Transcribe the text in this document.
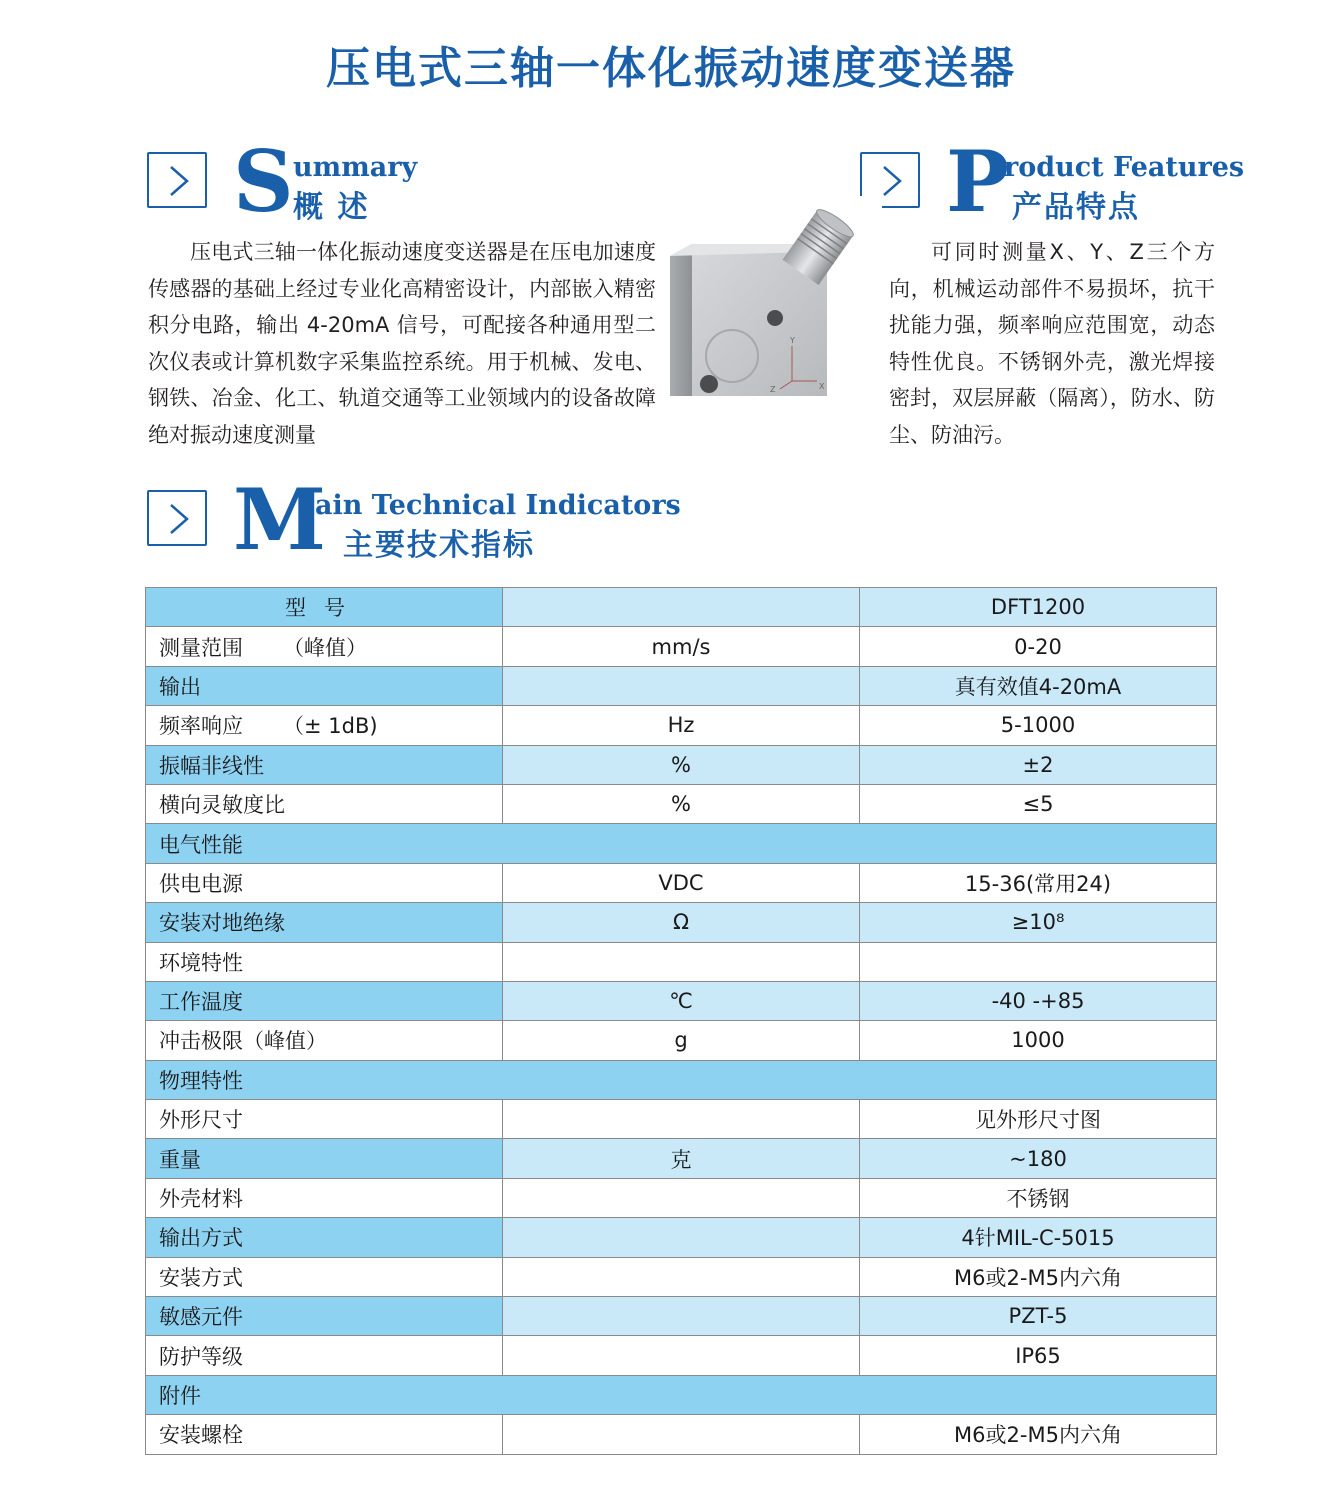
压电式三轴一体化振动速度变送器
S ummary
概 述	P
roduct Features
产品特点
压电式三轴一体化振动速度变送器是在压电加速度传感器的基础上经过专业化高精密设计，内部嵌入精密积分电路，输出 4-20mA 信号，可配接各种通用型二次仪表或计算机数字采集监控系统。用于机械、发电、钢铁、冶金、化工、轨道交通等工业领域内的设备故障绝对振动速度测量
可同时测量X、Y、Z三个方向，机械运动部件不易损坏，抗干扰能力强，频率响应范围宽，动态特性优良。不锈钢外壳，激光焊接密封，双层屏蔽（隔离），防水、防尘、防油污。
Y
Z	X
M
ain Technical Indicators
主要技术指标
型号		DFT1200
测量范围 （峰值）	mm/s	0-20
输出		真有效值4-20mA
频率响应 （± 1dB)	Hz	5-1000
振幅非线性	%	±2
横向灵敏度比	%	≤5
电气性能		
供电电源	VDC	15-36(常用24)
安装对地绝缘	Ω	≥10⁸
环境特性		
工作温度	℃	-40 -+85
冲击极限（峰值）	g	1000
物理特性		
外形尺寸		见外形尺寸图
重量	克	~180
外壳材料		不锈钢
输出方式		4针MIL-C-5015
安装方式		M6或2-M5内六角
敏感元件		PZT-5
防护等级		IP65
附件		
安装螺栓		M6或2-M5内六角
